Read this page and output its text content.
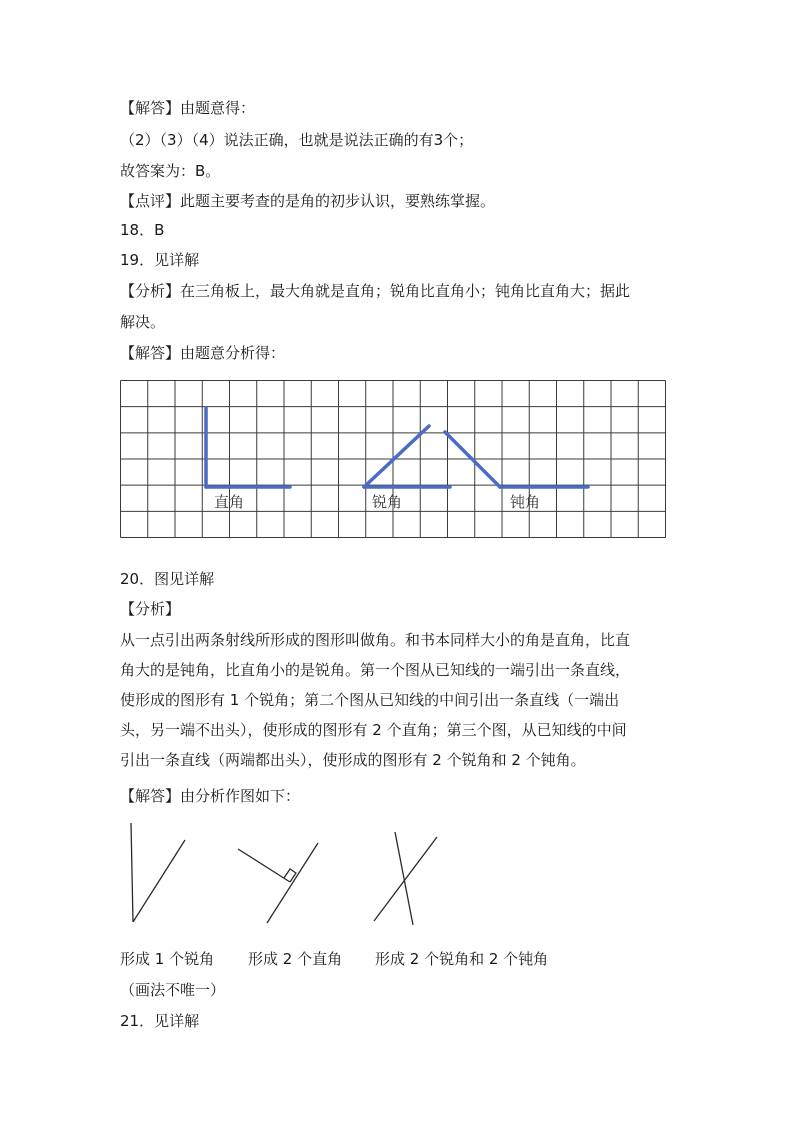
【解答】由题意得：
（2）（3）（4）说法正确，也就是说法正确的有3个；
故答案为：B。
【点评】此题主要考查的是角的初步认识，要熟练掌握。
18．B
19．见详解
【分析】在三角板上，最大角就是直角；锐角比直角小；钝角比直角大；据此
解决。
【解答】由题意分析得：
直角	锐角	钝角
20．图见详解
【分析】

从一点引出两条射线所形成的图形叫做角。和书本同样大小的角是直角，比直

角大的是钝角，比直角小的是锐角。第一个图从已知线的一端引出一条直线，

使形成的图形有 1 个锐角；第二个图从已知线的中间引出一条直线（一端出

头，另一端不出头），使形成的图形有 2 个直角；第三个图，从已知线的中间

引出一条直线（两端都出头），使形成的图形有 2 个锐角和 2 个钝角。

【解答】由分析作图如下：
形成 1 个锐角 形成 2 个直角 形成 2 个锐角和 2 个钝角
（画法不唯一）
21．见详解
